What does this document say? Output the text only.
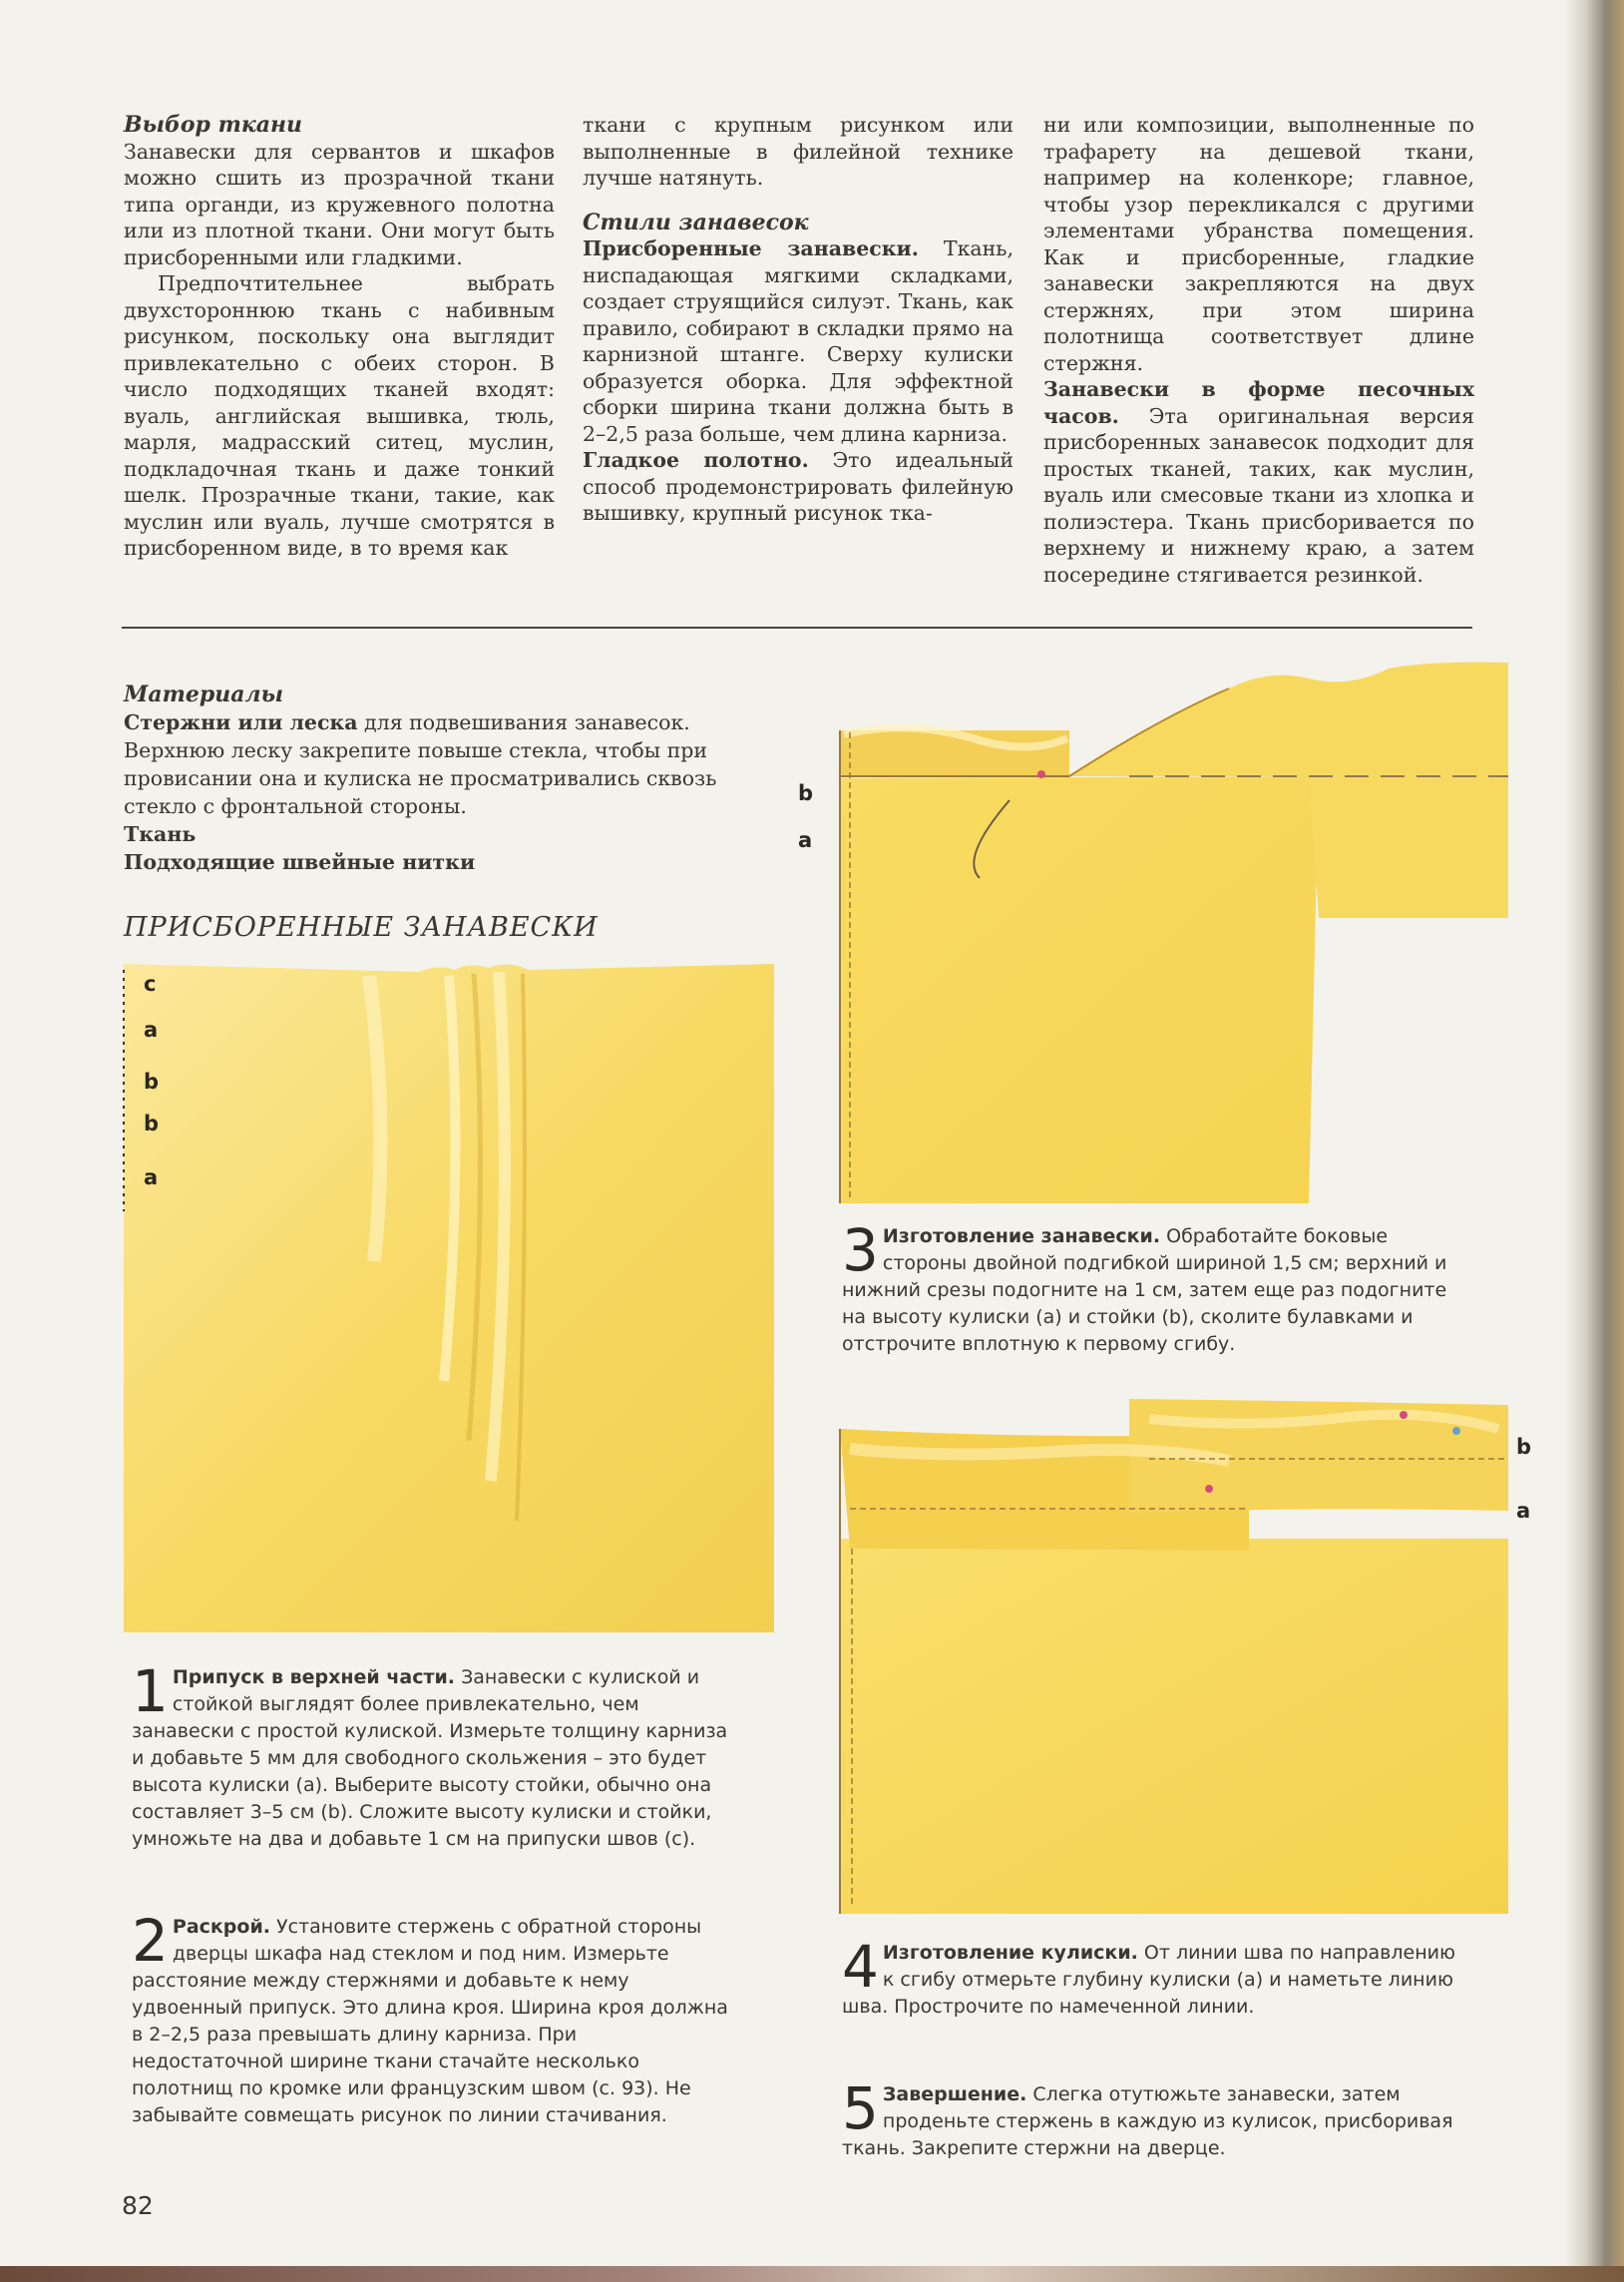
Выбор ткани

Занавески для сервантов и шкафов можно сшить из прозрачной ткани типа органди, из кружевного полотна или из плотной ткани. Они могут быть присборенными или гладкими.

Предпочтительнее выбрать двухстороннюю ткань с набивным рисунком, поскольку она выглядит привлекательно с обеих сторон. В число подходящих тканей входят: вуаль, английская вышивка, тюль, марля, мадрасский ситец, муслин, подкладочная ткань и даже тонкий шелк. Прозрачные ткани, такие, как муслин или вуаль, лучше смотрятся в присборенном виде, в то время как

ткани с крупным рисунком или выполненные в филейной технике лучше натянуть.

Стили занавесок

Присборенные занавески. Ткань, ниспадающая мягкими складками, создает струящийся силуэт. Ткань, как правило, собирают в складки прямо на карнизной штанге. Сверху кулиски образуется оборка. Для эффектной сборки ширина ткани должна быть в 2–2,5 раза больше, чем длина карниза.

Гладкое полотно. Это идеальный способ продемонстрировать филейную вышивку, крупный рисунок тка-

ни или композиции, выполненные по трафарету на дешевой ткани, например на коленкоре; главное, чтобы узор перекликался с другими элементами убранства помещения. Как и присборенные, гладкие занавески закрепляются на двух стержнях, при этом ширина полотнища соответствует длине стержня.

Занавески в форме песочных часов. Эта оригинальная версия присборенных занавесок подходит для простых тканей, таких, как муслин, вуаль или смесовые ткани из хлопка и полиэстера. Ткань присборивается по верхнему и нижнему краю, а затем посередине стягивается резинкой.

Материалы

Стержни или леска для подвешивания занавесок. Верхнюю леску закрепите повыше стекла, чтобы при провисании она и кулиска не просматривались сквозь стекло с фронтальной стороны.

Ткань

Подходящие швейные нитки

ПРИСБОРЕННЫЕ ЗАНАВЕСКИ
c
a
b
b
a
b
a
b
a
1 Припуск в верхней части. Занавески с кулиской и стойкой выглядят более привлекательно, чем занавески с простой кулиской. Измерьте толщину карниза и добавьте 5 мм для свободного скольжения – это будет высота кулиски (a). Выберите высоту стойки, обычно она составляет 3–5 см (b). Сложите высоту кулиски и стойки, умножьте на два и добавьте 1 см на припуски швов (c).

2 Раскрой. Установите стержень с обратной стороны дверцы шкафа над стеклом и под ним. Измерьте расстояние между стержнями и добавьте к нему удвоенный припуск. Это длина кроя. Ширина кроя должна в 2–2,5 раза превышать длину карниза. При недостаточной ширине ткани стачайте несколько полотнищ по кромке или французским швом (с. 93). Не забывайте совмещать рисунок по линии стачивания.

3 Изготовление занавески. Обработайте боковые стороны двойной подгибкой шириной 1,5 см; верхний и нижний срезы подогните на 1 см, затем еще раз подогните на высоту кулиски (a) и стойки (b), сколите булавками и отстрочите вплотную к первому сгибу.

4 Изготовление кулиски. От линии шва по направлению к сгибу отмерьте глубину кулиски (a) и наметьте линию шва. Прострочите по намеченной линии.

5 Завершение. Слегка отутюжьте занавески, затем проденьте стержень в каждую из кулисок, присборивая ткань. Закрепите стержни на дверце.

82
